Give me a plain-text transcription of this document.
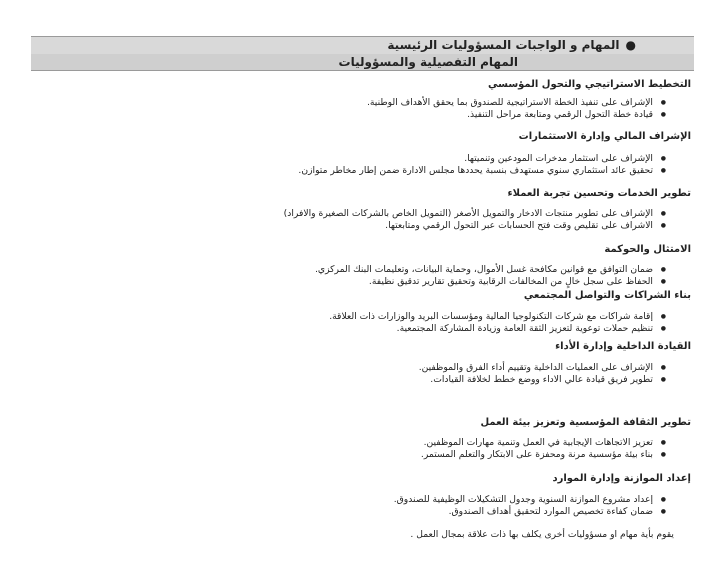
●المهام و الواجبات المسؤوليات الرئيسية
المهام التفصيلية والمسؤوليات
التخطيط الاستراتيجي والتحول المؤسسي
● الإشراف على تنفيذ الخطة الاستراتيجية للصندوق بما يحقق الأهداف الوطنية.
● قيادة خطة التحول الرقمي ومتابعة مراحل التنفيذ.
الإشراف المالي وإدارة الاستثمارات
● الإشراف على استثمار مدخرات المودعين وتنميتها.
● تحقيق عائد استثماري سنوي مستهدف بنسبة يحددها مجلس الادارة ضمن إطار مخاطر متوازن.
تطوير الخدمات وتحسين تجربة العملاء
● الإشراف على تطوير منتجات الادخار والتمويل الأصغر (التمويل الخاص بالشركات الصغيرة والافراد)
● الاشراف على تقليص وقت فتح الحسابات عبر التحول الرقمي ومتابعتها.
الامتثال والحوكمة
● ضمان التوافق مع قوانين مكافحة غسل الأموال، وحماية البيانات، وتعليمات البنك المركزي.
● الحفاظ على سجل خالٍ من المخالفات الرقابية وتحقيق تقارير تدقيق نظيفة.
بناء الشراكات والتواصل المجتمعي
● إقامة شراكات مع شركات التكنولوجيا المالية ومؤسسات البريد والوزارات ذات العلاقة.
● تنظيم حملات توعوية لتعزيز الثقة العامة وزيادة المشاركة المجتمعية.
القيادة الداخلية وإدارة الأداء
● الإشراف على العمليات الداخلية وتقييم أداء الفرق والموظفين.
● تطوير فريق قيادة عالي الاداء ووضع خطط لخلافة القيادات.
تطوير الثقافة المؤسسية وتعزيز بيئة العمل
● تعزيز الاتجاهات الإيجابية في العمل وتنمية مهارات الموظفين.
● بناء بيئة مؤسسية مرنة ومحفزة على الابتكار والتعلم المستمر.
إعداد الموازنة وإدارة الموارد
● إعداد مشروع الموازنة السنوية وجدول التشكيلات الوظيفية للصندوق.
● ضمان كفاءة تخصيص الموارد لتحقيق أهداف الصندوق.
يقوم بأية مهام او مسؤوليات أخرى يكلف بها ذات علاقة بمجال العمل .
